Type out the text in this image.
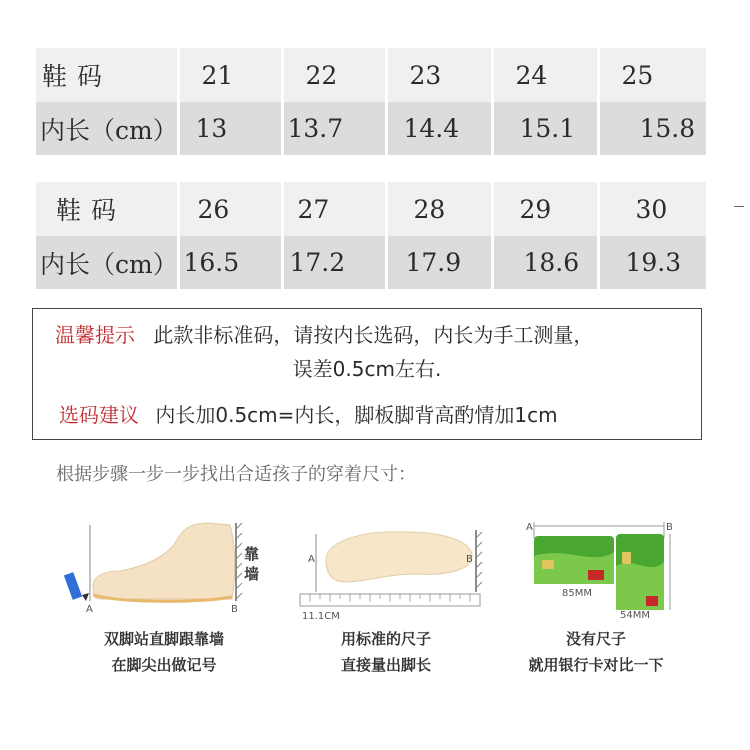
鞋 码	21	22	23	24	25
内长（cm）	13	13.7	14.4	15.1	15.8
鞋 码	26	27	28	29	30
内长（cm）	16.5	17.2	17.9	18.6	19.3
温馨提示 此款非标准码，请按内长选码，内长为手工测量，
误差0.5cm左右.
选码建议 内长加0.5cm=内长，脚板脚背高酌情加1cm
根据步骤一步一步找出合适孩子的穿着尺寸：
A	B
靠
墙
双脚站直脚跟靠墙
在脚尖出做记号
A	B
11.1CM
用标准的尺子
直接量出脚长
A	B
85MM
54MM
没有尺子
就用银行卡对比一下
